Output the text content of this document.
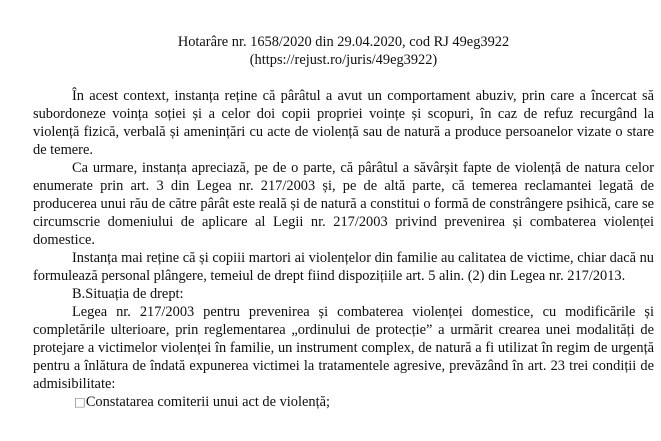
Hotarâre nr. 1658/2020 din 29.04.2020, cod RJ 49eg3922

(https://rejust.ro/juris/49eg3922)

În acest context, instanța reține că pârâtul a avut un comportament abuziv, prin care a încercat să subordoneze voința soției și a celor doi copii propriei voințe și scopuri, în caz de refuz recurgând la violență fizică, verbală și amenințări cu acte de violență sau de natură a produce persoanelor vizate o stare de temere.

Ca urmare, instanța apreciază, pe de o parte, că pârâtul a săvârșit fapte de violență de natura celor enumerate prin art. 3 din Legea nr. 217/2003 și, pe de altă parte, că temerea reclamantei legată de producerea unui rău de către pârât este reală și de natură a constitui o formă de constrângere psihică, care se circumscrie domeniului de aplicare al Legii nr. 217/2003 privind prevenirea și combaterea violenței domestice.

Instanța mai reține că și copiii martori ai violențelor din familie au calitatea de victime, chiar dacă nu formulează personal plângere, temeiul de drept fiind dispozițiile art. 5 alin. (2) din Legea nr. 217/2013.

B.Situația de drept:

Legea nr. 217/2003 pentru prevenirea și combaterea violenței domestice, cu modificările și completările ulterioare, prin reglementarea „ordinului de protecție” a urmărit crearea unei modalități de protejare a victimelor violenței în familie, un instrument complex, de natură a fi utilizat în regim de urgență pentru a înlătura de îndată expunerea victimei la tratamentele agresive, prevăzând în art. 23 trei condiții de admisibilitate:

□Constatarea comiterii unui act de violență;
